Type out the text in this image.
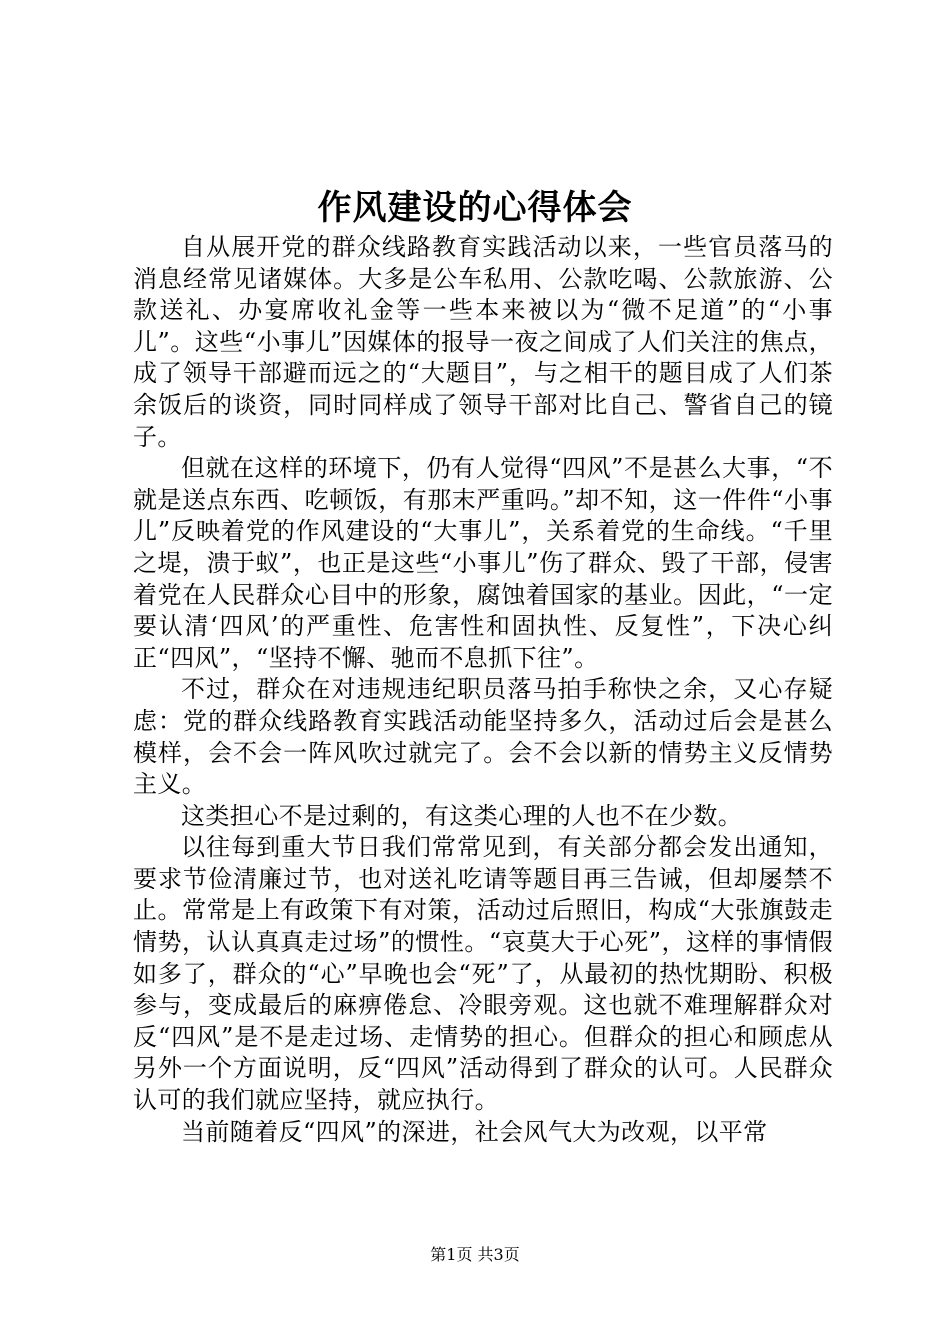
作风建设的心得体会

自从展开党的群众线路教育实践活动以来，一些官员落马的消息经常见诸媒体。大多是公车私用、公款吃喝、公款旅游、公款送礼、办宴席收礼金等一些本来被以为“微不足道”的“小事儿”。这些“小事儿”因媒体的报导一夜之间成了人们关注的焦点，成了领导干部避而远之的“大题目”，与之相干的题目成了人们茶余饭后的谈资，同时同样成了领导干部对比自己、警省自己的镜子。

但就在这样的环境下，仍有人觉得“四风”不是甚么大事，“不就是送点东西、吃顿饭，有那末严重吗。”却不知，这一件件“小事儿”反映着党的作风建设的“大事儿”，关系着党的生命线。“千里之堤，溃于蚁”，也正是这些“小事儿”伤了群众、毁了干部，侵害着党在人民群众心目中的形象，腐蚀着国家的基业。因此，“一定要认清‘四风’的严重性、危害性和固执性、反复性”，下决心纠正“四风”，“坚持不懈、驰而不息抓下往”。

不过，群众在对违规违纪职员落马拍手称快之余，又心存疑虑：党的群众线路教育实践活动能坚持多久，活动过后会是甚么模样，会不会一阵风吹过就完了。会不会以新的情势主义反情势主义。

这类担心不是过剩的，有这类心理的人也不在少数。

以往每到重大节日我们常常见到，有关部分都会发出通知，要求节俭清廉过节，也对送礼吃请等题目再三告诫，但却屡禁不止。常常是上有政策下有对策，活动过后照旧，构成“大张旗鼓走情势，认认真真走过场”的惯性。“哀莫大于心死”，这样的事情假如多了，群众的“心”早晚也会“死”了，从最初的热忱期盼、积极参与，变成最后的麻痹倦怠、冷眼旁观。这也就不难理解群众对反“四风”是不是走过场、走情势的担心。但群众的担心和顾虑从另外一个方面说明，反“四风”活动得到了群众的认可。人民群众认可的我们就应坚持，就应执行。

当前随着反“四风”的深进，社会风气大为改观，以平常

第1页 共3页
